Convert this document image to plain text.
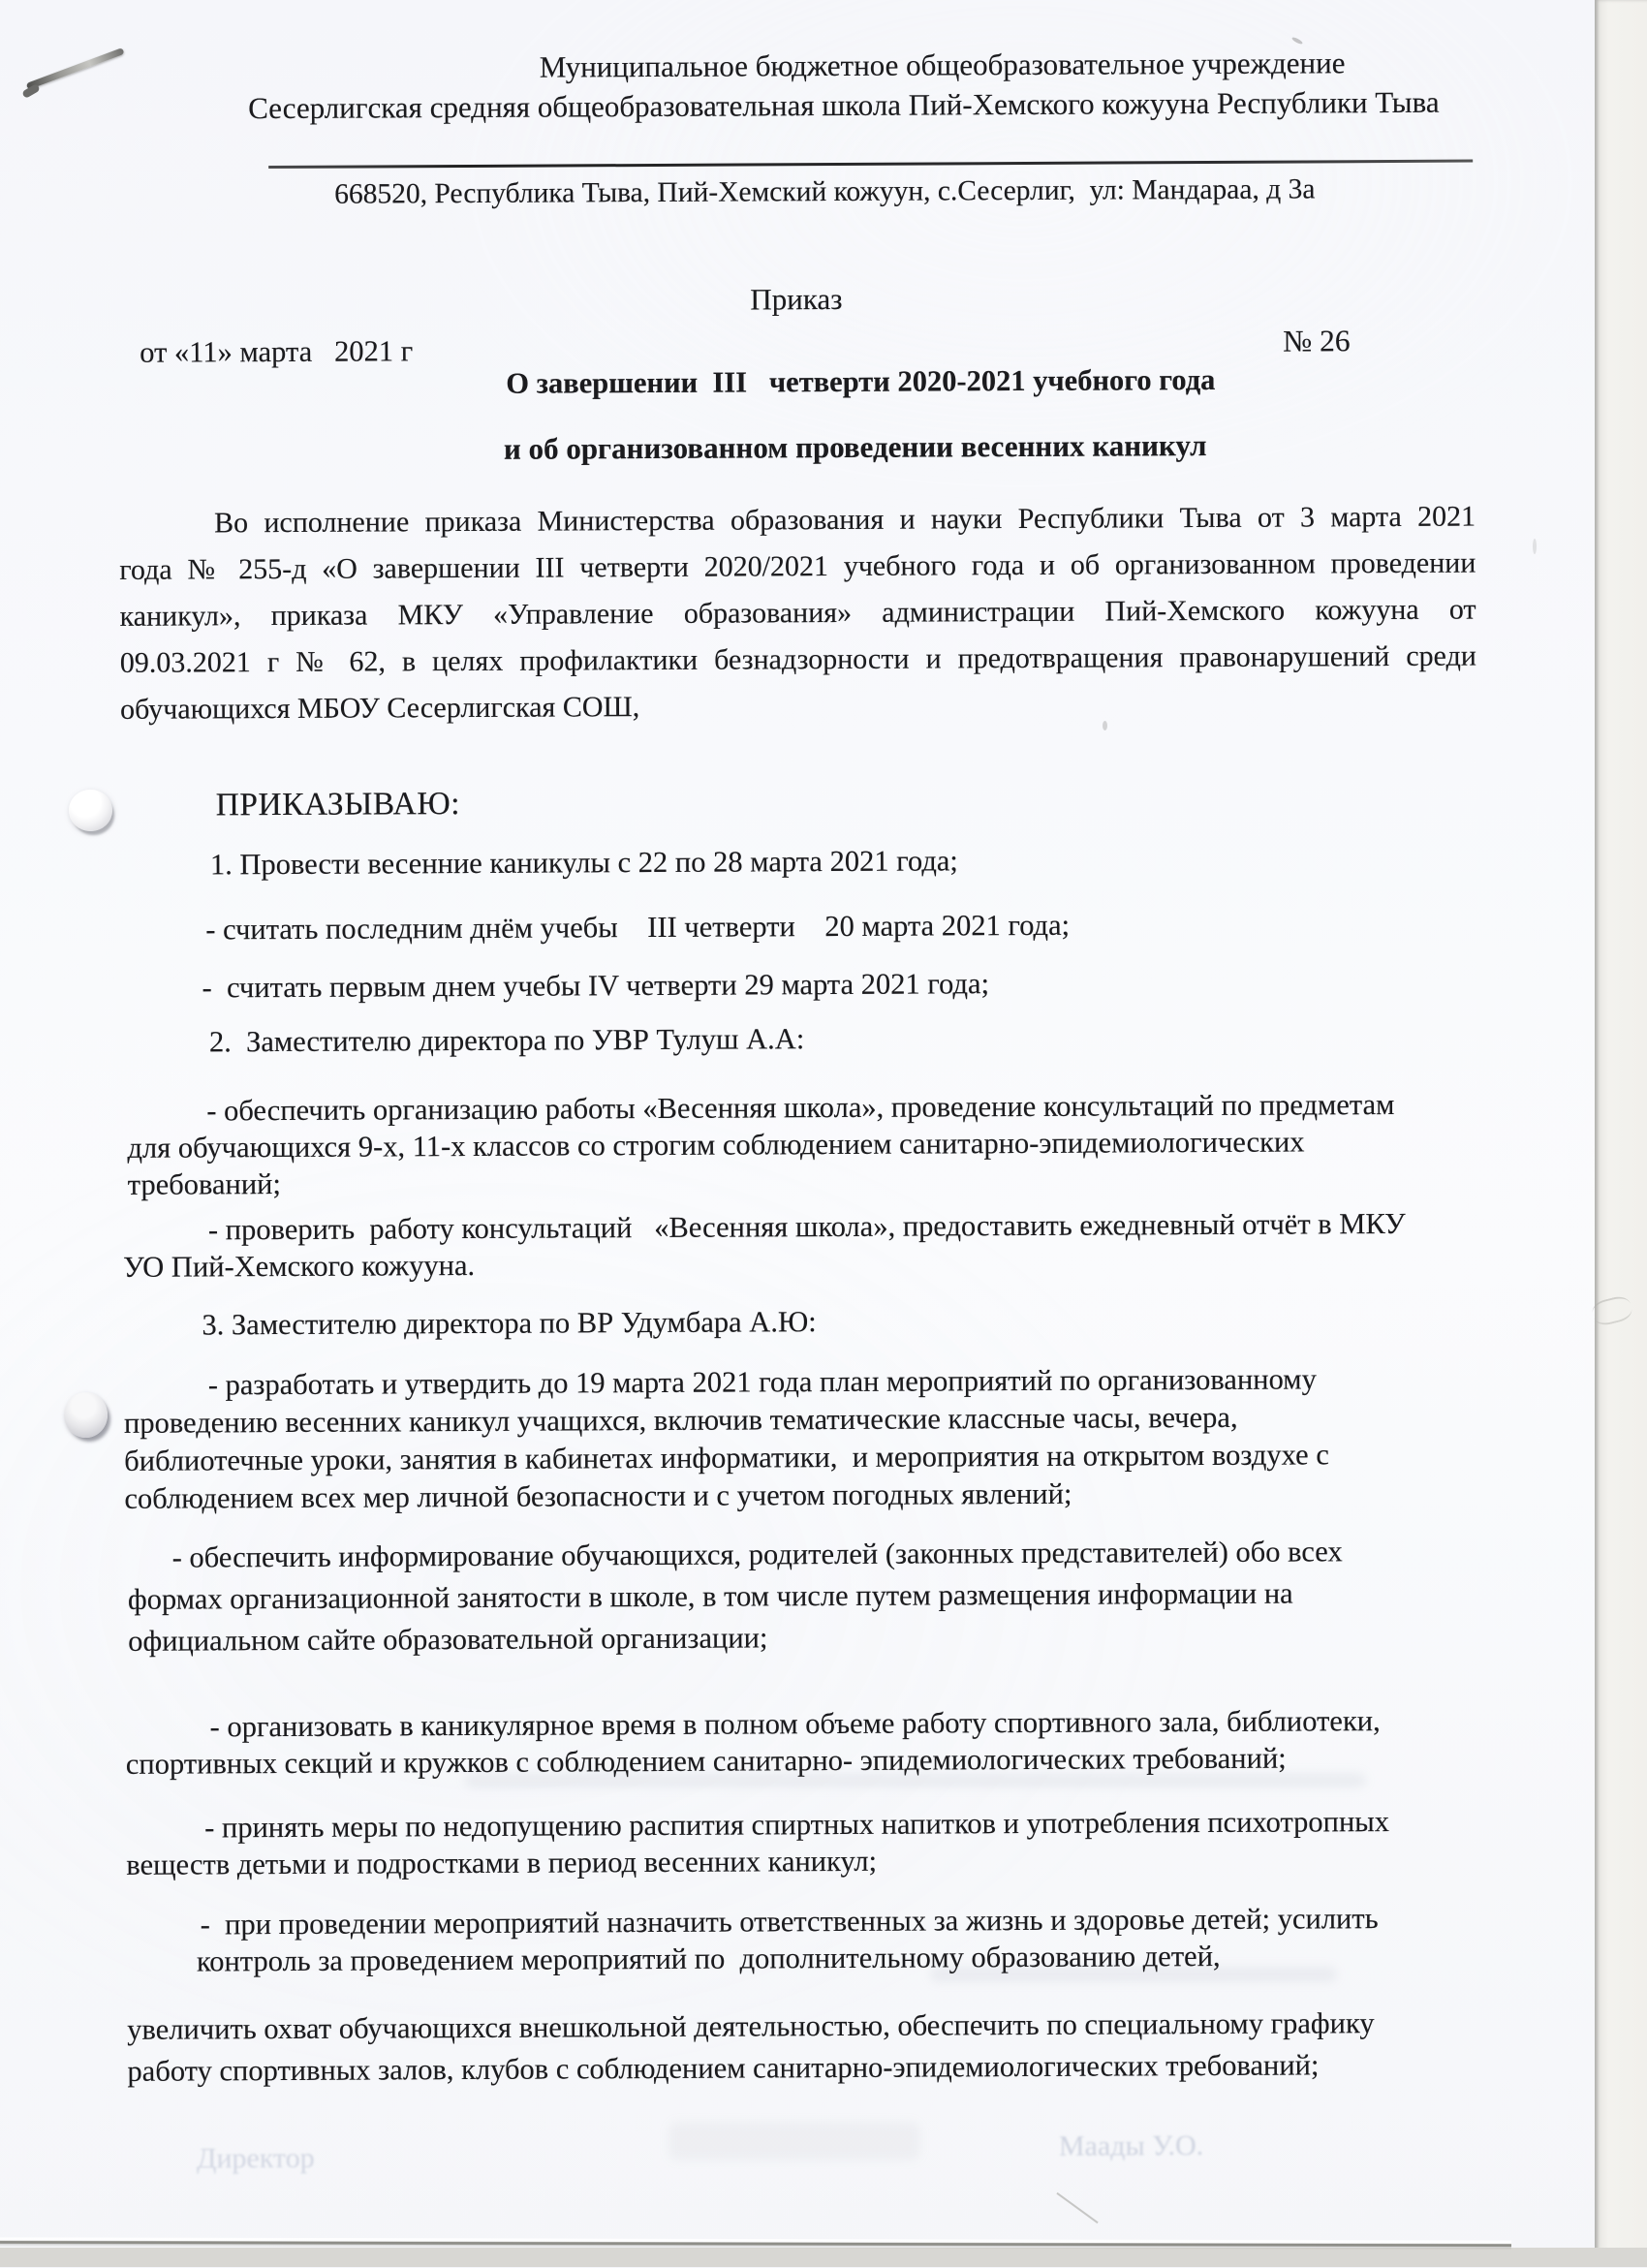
Муниципальное бюджетное общеобразовательное учреждение
Сесерлигская средняя общеобразовательная школа Пий-Хемского кожууна Республики Тыва
668520, Республика Тыва, Пий-Хемский кожуун, с.Сесерлиг,  ул: Мандараа, д 3а
Приказ
от «11» марта   2021 г	№ 26
О завершении  III   четверти 2020-2021 учебного года
и об организованном проведении весенних каникул
Во исполнение приказа Министерства образования и науки Республики Тыва от 3 марта 2021
года № 255-д «О завершении III четверти 2020/2021 учебного года и об организованном проведении
каникул», приказа МКУ «Управление образования» администрации Пий-Хемского кожууна от
09.03.2021 г № 62, в целях профилактики безнадзорности и предотвращения правонарушений среди
обучающихся МБОУ Сесерлигская СОШ,
ПРИКАЗЫВАЮ:
1. Провести весенние каникулы с 22 по 28 марта 2021 года;
- считать последним днём учебы    III четверти    20 марта 2021 года;
-  считать первым днем учебы IV четверти 29 марта 2021 года;
2.  Заместителю директора по УВР Тулуш А.А:
- обеспечить организацию работы «Весенняя школа», проведение консультаций по предметам
для обучающихся 9-х, 11-х классов со строгим соблюдением санитарно-эпидемиологических
требований;
- проверить  работу консультаций   «Весенняя школа», предоставить ежедневный отчёт в МКУ
УО Пий-Хемского кожууна.
3. Заместителю директора по ВР Удумбара А.Ю:
- разработать и утвердить до 19 марта 2021 года план мероприятий по организованному
проведению весенних каникул учащихся, включив тематические классные часы, вечера,
библиотечные уроки, занятия в кабинетах информатики,  и мероприятия на открытом воздухе с
соблюдением всех мер личной безопасности и с учетом погодных явлений;
- обеспечить информирование обучающихся, родителей (законных представителей) обо всех
формах организационной занятости в школе, в том числе путем размещения информации на
официальном сайте образовательной организации;
- организовать в каникулярное время в полном объеме работу спортивного зала, библиотеки,
спортивных секций и кружков с соблюдением санитарно- эпидемиологических требований;
- принять меры по недопущению распития спиртных напитков и употребления психотропных
веществ детьми и подростками в период весенних каникул;
-  при проведении мероприятий назначить ответственных за жизнь и здоровье детей; усилить
контроль за проведением мероприятий по  дополнительному образованию детей,
увеличить охват обучающихся внешкольной деятельностью, обеспечить по специальному графику
работу спортивных залов, клубов с соблюдением санитарно-эпидемиологических требований;
Директор	Маады У.О.
